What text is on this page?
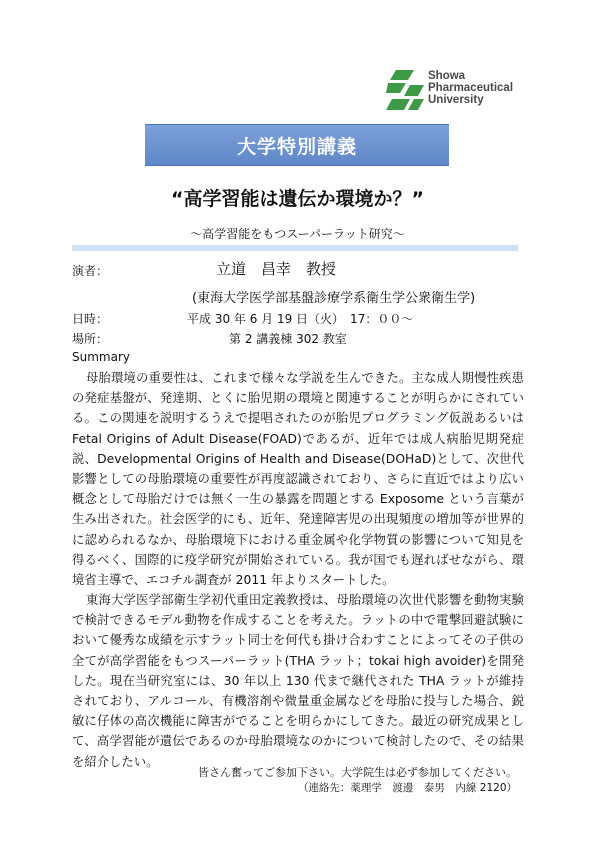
Showa
Pharmaceutical
University
大学特別講義
“高学習能は遺伝か環境か？”
〜高学習能をもつスーパーラット研究〜
演者：	立道　昌幸　教授
(東海大学医学部基盤診療学系衛生学公衆衛生学)
日時：	平成 30 年 6 月 19 日（火）　17：００〜
場所：	第 2 講義棟 302 教室
Summary

母胎環境の重要性は、これまで様々な学説を生んできた。主な成人期慢性疾患の発症基盤が、発達期、とくに胎児期の環境と関連することが明らかにされている。この関連を説明するうえで提唱されたのが胎児プログラミング仮説あるいは Fetal Origins of Adult Disease(FOAD)であるが、近年では成人病胎児期発症説、Developmental Origins of Health and Disease(DOHaD)として、次世代影響としての母胎環境の重要性が再度認識されており、さらに直近ではより広い概念として母胎だけでは無く一生の暴露を問題とする Exposome という言葉が生み出された。社会医学的にも、近年、発達障害児の出現頻度の増加等が世界的に認められるなか、母胎環境下における重金属や化学物質の影響について知見を得るべく、国際的に疫学研究が開始されている。我が国でも遅ればせながら、環境省主導で、エコチル調査が 2011 年よりスタートした。

東海大学医学部衛生学初代重田定義教授は、母胎環境の次世代影響を動物実験で検討できるモデル動物を作成することを考えた。ラットの中で電撃回避試験において優秀な成績を示すラット同士を何代も掛け合わすことによってその子供の全てが高学習能をもつスーパーラット(THA ラット；tokai high avoider)を開発した。現在当研究室には、30 年以上 130 代まで継代された THA ラットが維持されており、アルコール、有機溶剤や微量重金属などを母胎に投与した場合、鋭敏に仔体の高次機能に障害がでることを明らかにしてきた。最近の研究成果として、高学習能が遺伝であるのか母胎環境なのかについて検討したので、その結果を紹介したい。

皆さん奮ってご参加下さい。大学院生は必ず参加してください。
（連絡先：薬理学　渡邊　泰男　内線 2120）
